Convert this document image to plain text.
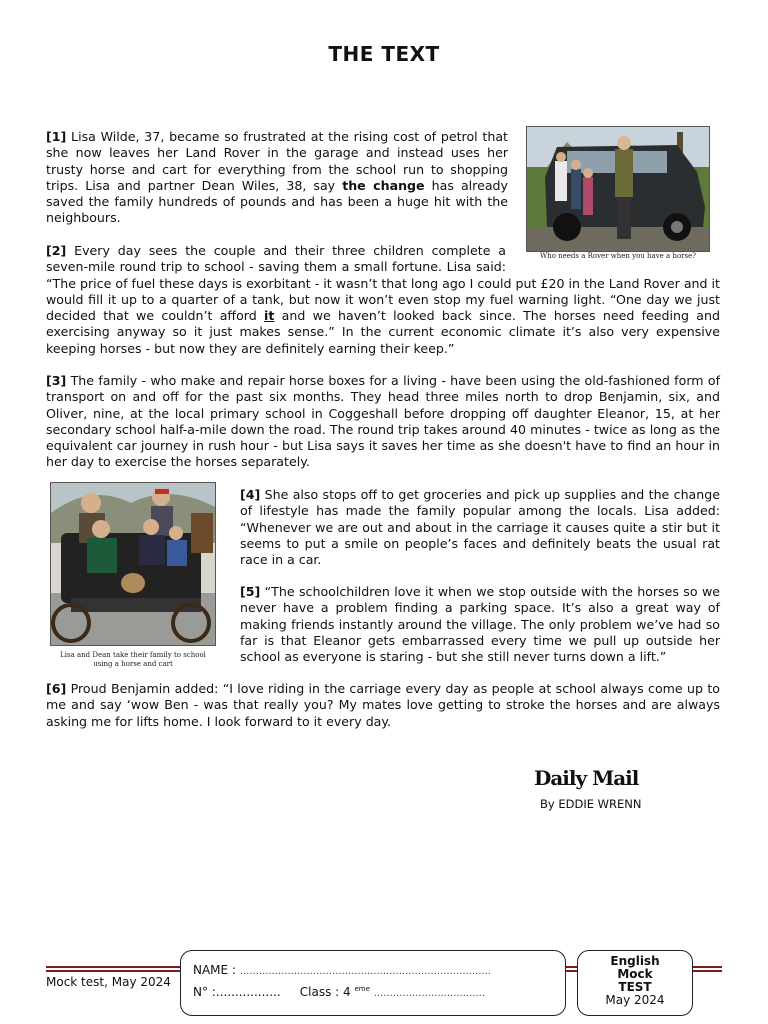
THE TEXT
[1] Lisa Wilde, 37, became so frustrated at the rising cost of petrol that she now leaves her Land Rover in the garage and instead uses her trusty horse and cart for everything from the school run to shopping trips. Lisa and partner Dean Wiles, 38, say the change has already saved the family hundreds of pounds and has been a huge hit with the neighbours.
Who needs a Rover when you have a horse?
[2] Every day sees the couple and their three children complete a seven-mile round trip to school - saving them a small fortune. Lisa said: “The price of fuel these days is exorbitant - it wasn’t that long ago I could put £20 in the Land Rover and it would fill it up to a quarter of a tank, but now it won’t even stop my fuel warning light. “One day we just decided that we couldn’t afford it and we haven’t looked back since. The horses need feeding and exercising anyway so it just makes sense.” In the current economic climate it’s also very expensive keeping horses - but now they are definitely earning their keep.”
[3] The family - who make and repair horse boxes for a living - have been using the old-fashioned form of transport on and off for the past six months. They head three miles north to drop Benjamin, six, and Oliver, nine, at the local primary school in Coggeshall before dropping off daughter Eleanor, 15, at her secondary school half-a-mile down the road. The round trip takes around 40 minutes - twice as long as the equivalent car journey in rush hour - but Lisa says it saves her time as she doesn't have to find an hour in her day to exercise the horses separately.
Lisa and Dean take their family to school using a horse and cart
[4] She also stops off to get groceries and pick up supplies and the change of lifestyle has made the family popular among the locals. Lisa added: “Whenever we are out and about in the carriage it causes quite a stir but it seems to put a smile on people’s faces and definitely beats the usual rat race in a car.
[5] “The schoolchildren love it when we stop outside with the horses so we never have a problem finding a parking space. It’s also a great way of making friends instantly around the village. The only problem we’ve had so far is that Eleanor gets embarrassed every time we pull up outside her school as everyone is staring - but she still never turns down a lift.”
[6] Proud Benjamin added: “I love riding in the carriage every day as people at school always come up to me and say ‘wow Ben - was that really you? My mates love getting to stroke the horses and are always asking me for lifts home. I look forward to it every day.
Daily Mail
By EDDIE WRENN
Mock test, May 2024
NAME : ...............................................................................
N° :................. Class : 4 $^{eme}$ ...................................
English
Mock
TEST
May 2024
